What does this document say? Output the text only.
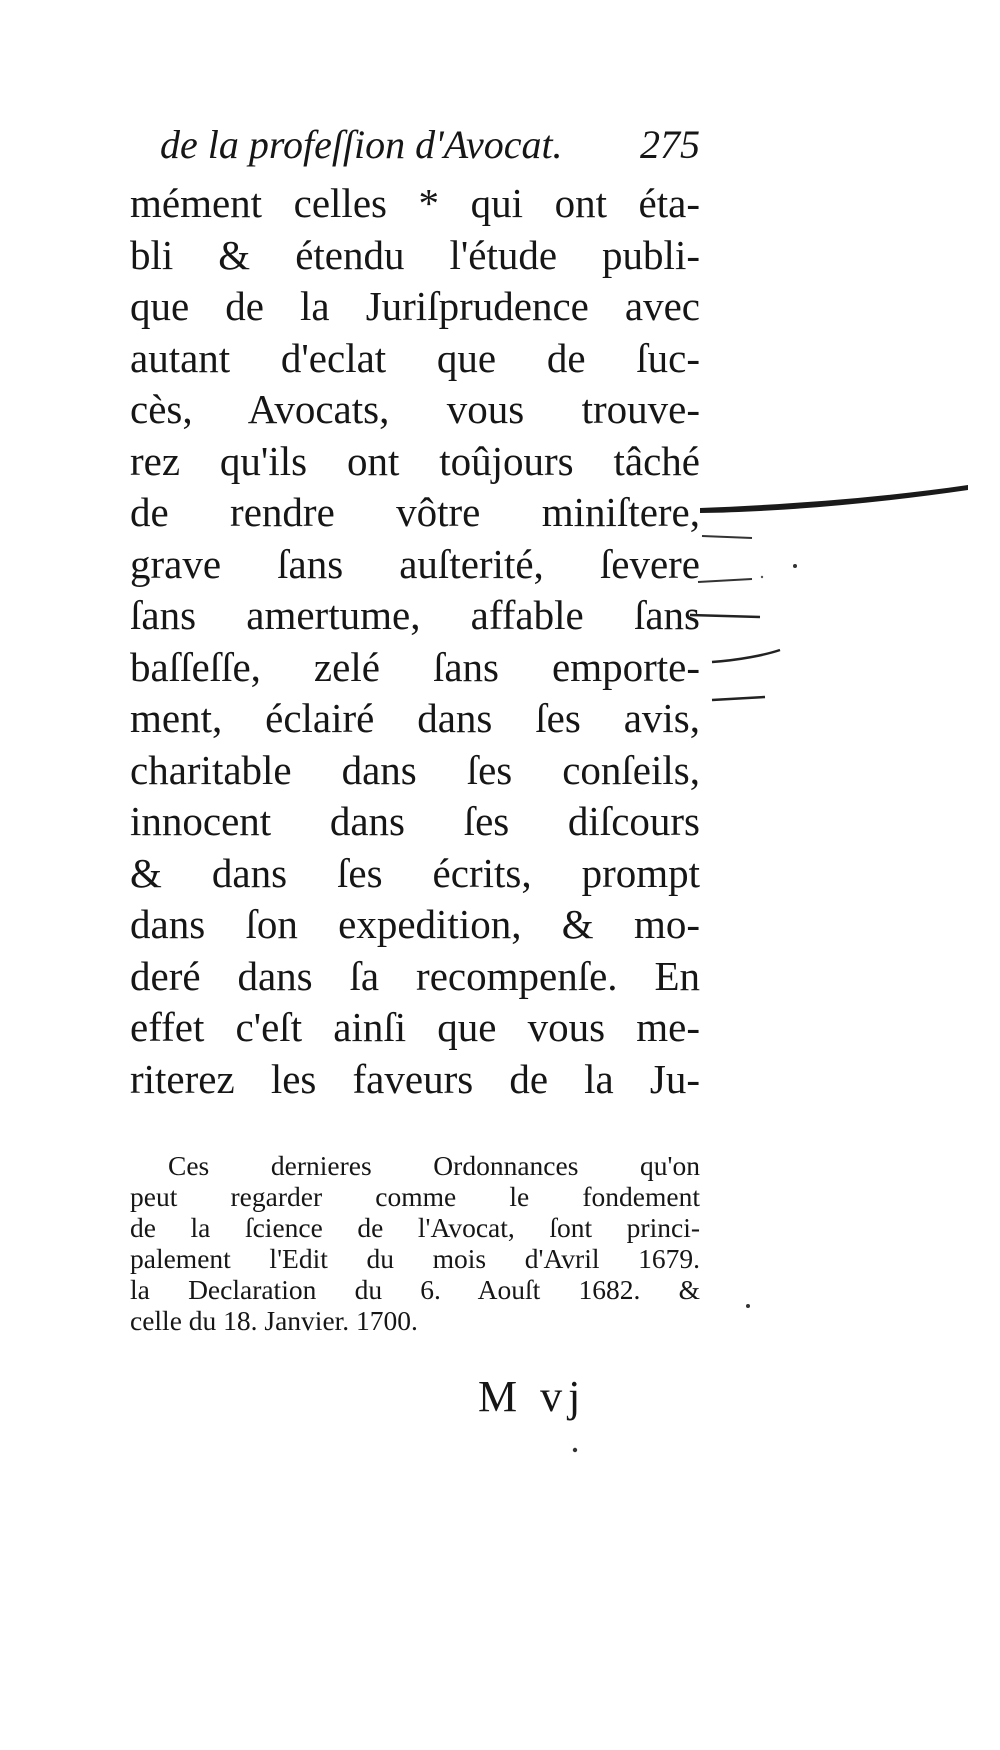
de la profeſſion d'Avocat. 275
mément celles * qui ont éta-
bli & étendu l'étude publi-
que de la Juriſprudence avec
autant d'eclat que de ſuc-
cès, Avocats, vous trouve-
rez qu'ils ont toûjours tâché
de rendre vôtre miniſtere,
grave ſans auſterité, ſevere
ſans amertume, affable ſans
baſſeſſe, zelé ſans emporte-
ment, éclairé dans ſes avis,
charitable dans ſes conſeils,
innocent dans ſes diſcours
& dans ſes écrits, prompt
dans ſon expedition, & mo-
deré dans ſa recompenſe. En
effet c'eſt ainſi que vous me-
riterez les faveurs de la Ju-
Ces dernieres Ordonnances qu'on
peut regarder comme le fondement
de la ſcience de l'Avocat, ſont princi-
palement l'Edit du mois d'Avril 1679.
la Declaration du 6. Aouſt 1682. &
celle du 18. Janvier. 1700.
M vj
